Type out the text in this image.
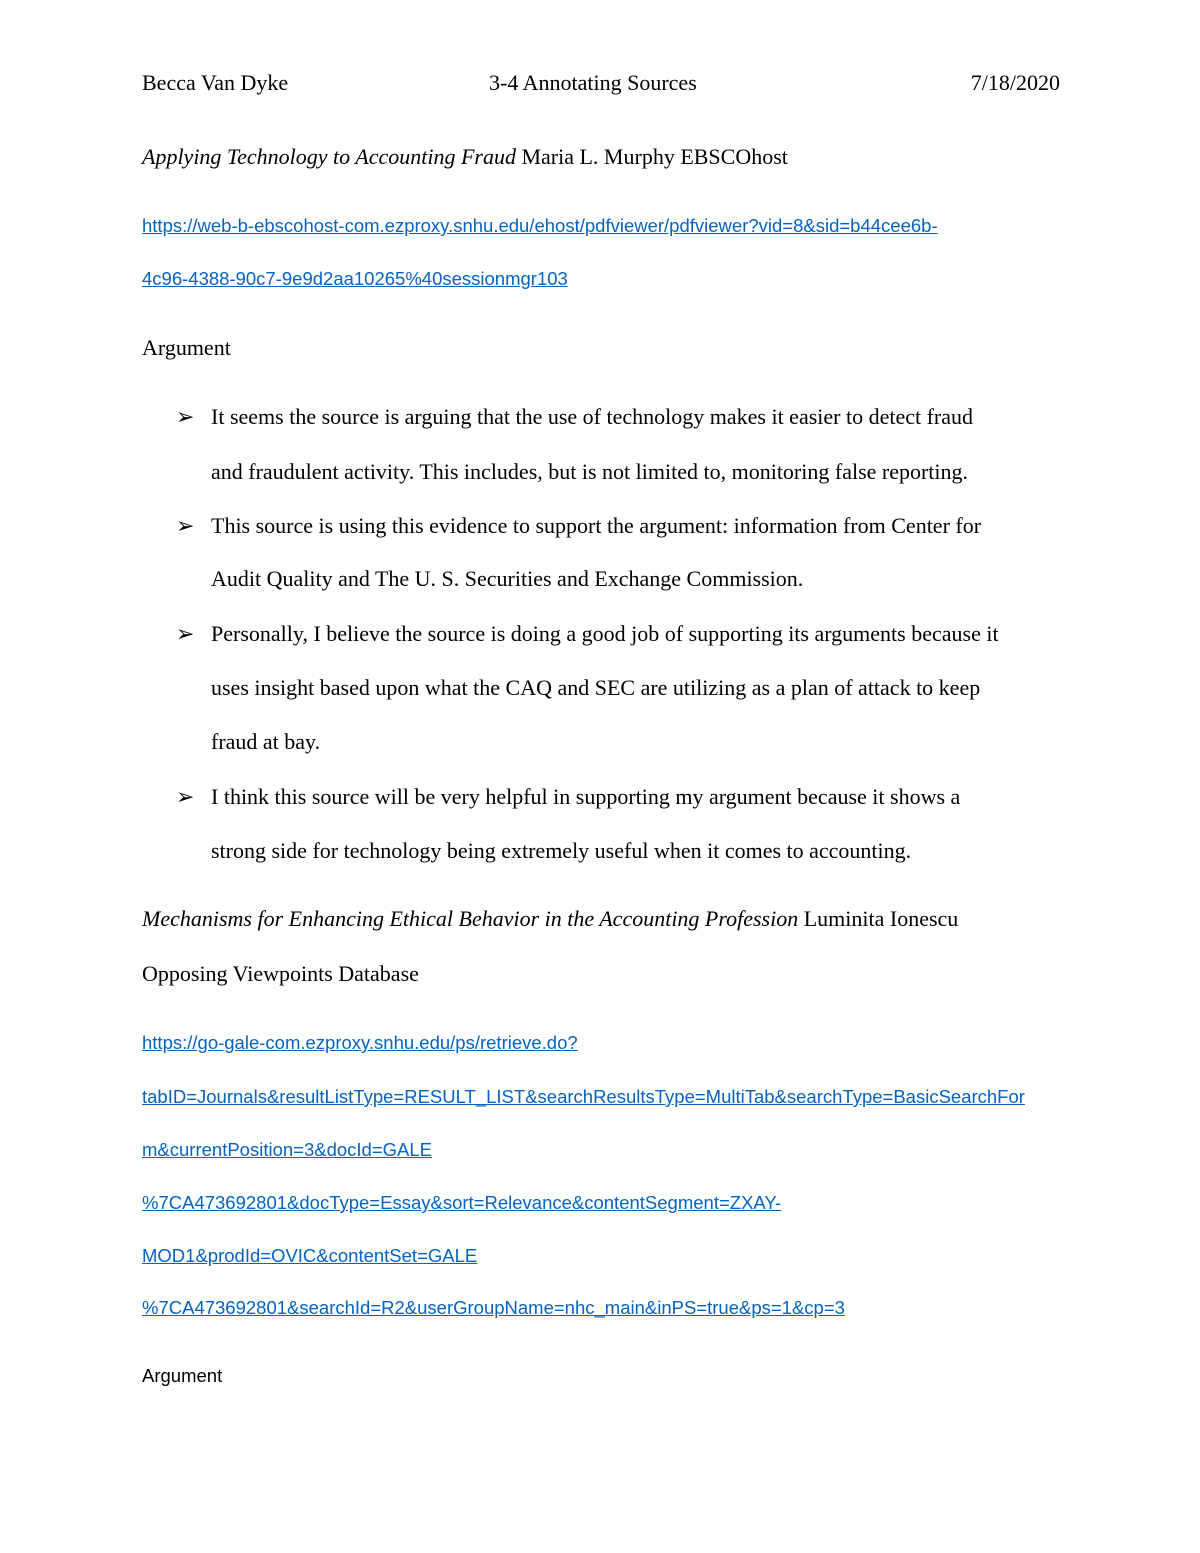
Becca Van Dyke	3-4 Annotating Sources	7/18/2020
Applying Technology to Accounting Fraud Maria L. Murphy EBSCOhost
https://web-b-ebscohost-com.ezproxy.snhu.edu/ehost/pdfviewer/pdfviewer?vid=8&sid=b44cee6b-
4c96-4388-90c7-9e9d2aa10265%40sessionmgr103
Argument
➢ It seems the source is arguing that the use of technology makes it easier to detect fraud
and fraudulent activity. This includes, but is not limited to, monitoring false reporting.
➢ This source is using this evidence to support the argument: information from Center for
Audit Quality and The U. S. Securities and Exchange Commission.
➢ Personally, I believe the source is doing a good job of supporting its arguments because it
uses insight based upon what the CAQ and SEC are utilizing as a plan of attack to keep
fraud at bay.
➢ I think this source will be very helpful in supporting my argument because it shows a
strong side for technology being extremely useful when it comes to accounting.
Mechanisms for Enhancing Ethical Behavior in the Accounting Profession Luminita Ionescu
Opposing Viewpoints Database
https://go-gale-com.ezproxy.snhu.edu/ps/retrieve.do?
tabID=Journals&resultListType=RESULT_LIST&searchResultsType=MultiTab&searchType=BasicSearchFor
m&currentPosition=3&docId=GALE
%7CA473692801&docType=Essay&sort=Relevance&contentSegment=ZXAY-
MOD1&prodId=OVIC&contentSet=GALE
%7CA473692801&searchId=R2&userGroupName=nhc_main&inPS=true&ps=1&cp=3
Argument
